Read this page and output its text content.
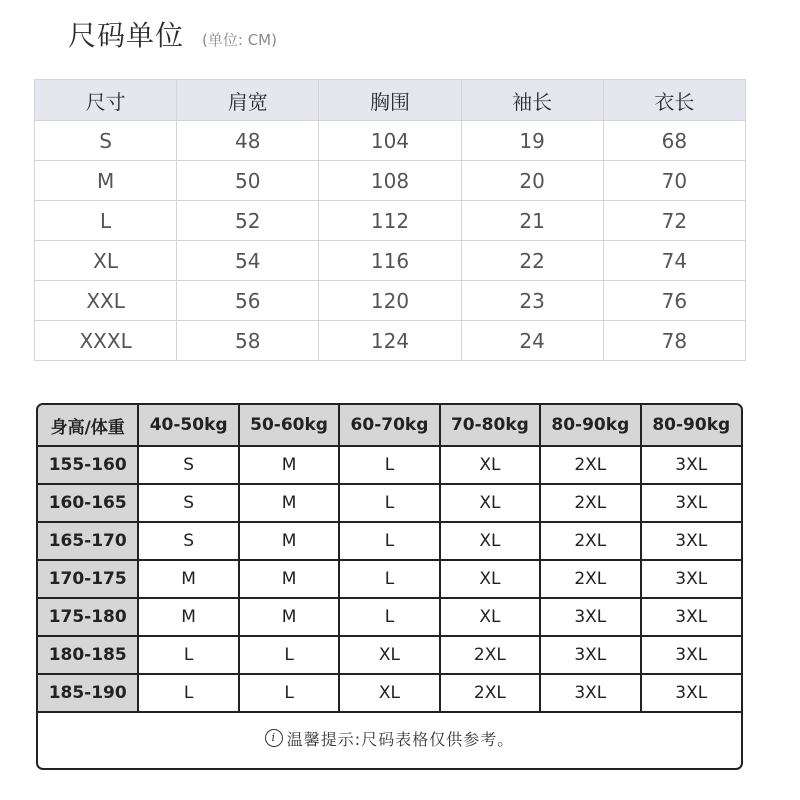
尺码单位 (单位: CM)
尺寸	肩宽	胸围	袖长	衣长
S	48	104	19	68
M	50	108	20	70
L	52	112	21	72
XL	54	116	22	74
XXL	56	120	23	76
XXXL	58	124	24	78
身高/体重	40-50kg	50-60kg	60-70kg	70-80kg	80-90kg	80-90kg
155-160	S	M	L	XL	2XL	3XL
160-165	S	M	L	XL	2XL	3XL
165-170	S	M	L	XL	2XL	3XL
170-175	M	M	L	XL	2XL	3XL
175-180	M	M	L	XL	3XL	3XL
180-185	L	L	XL	2XL	3XL	3XL
185-190	L	L	XL	2XL	3XL	3XL
i 温馨提示:尺码表格仅供参考。
